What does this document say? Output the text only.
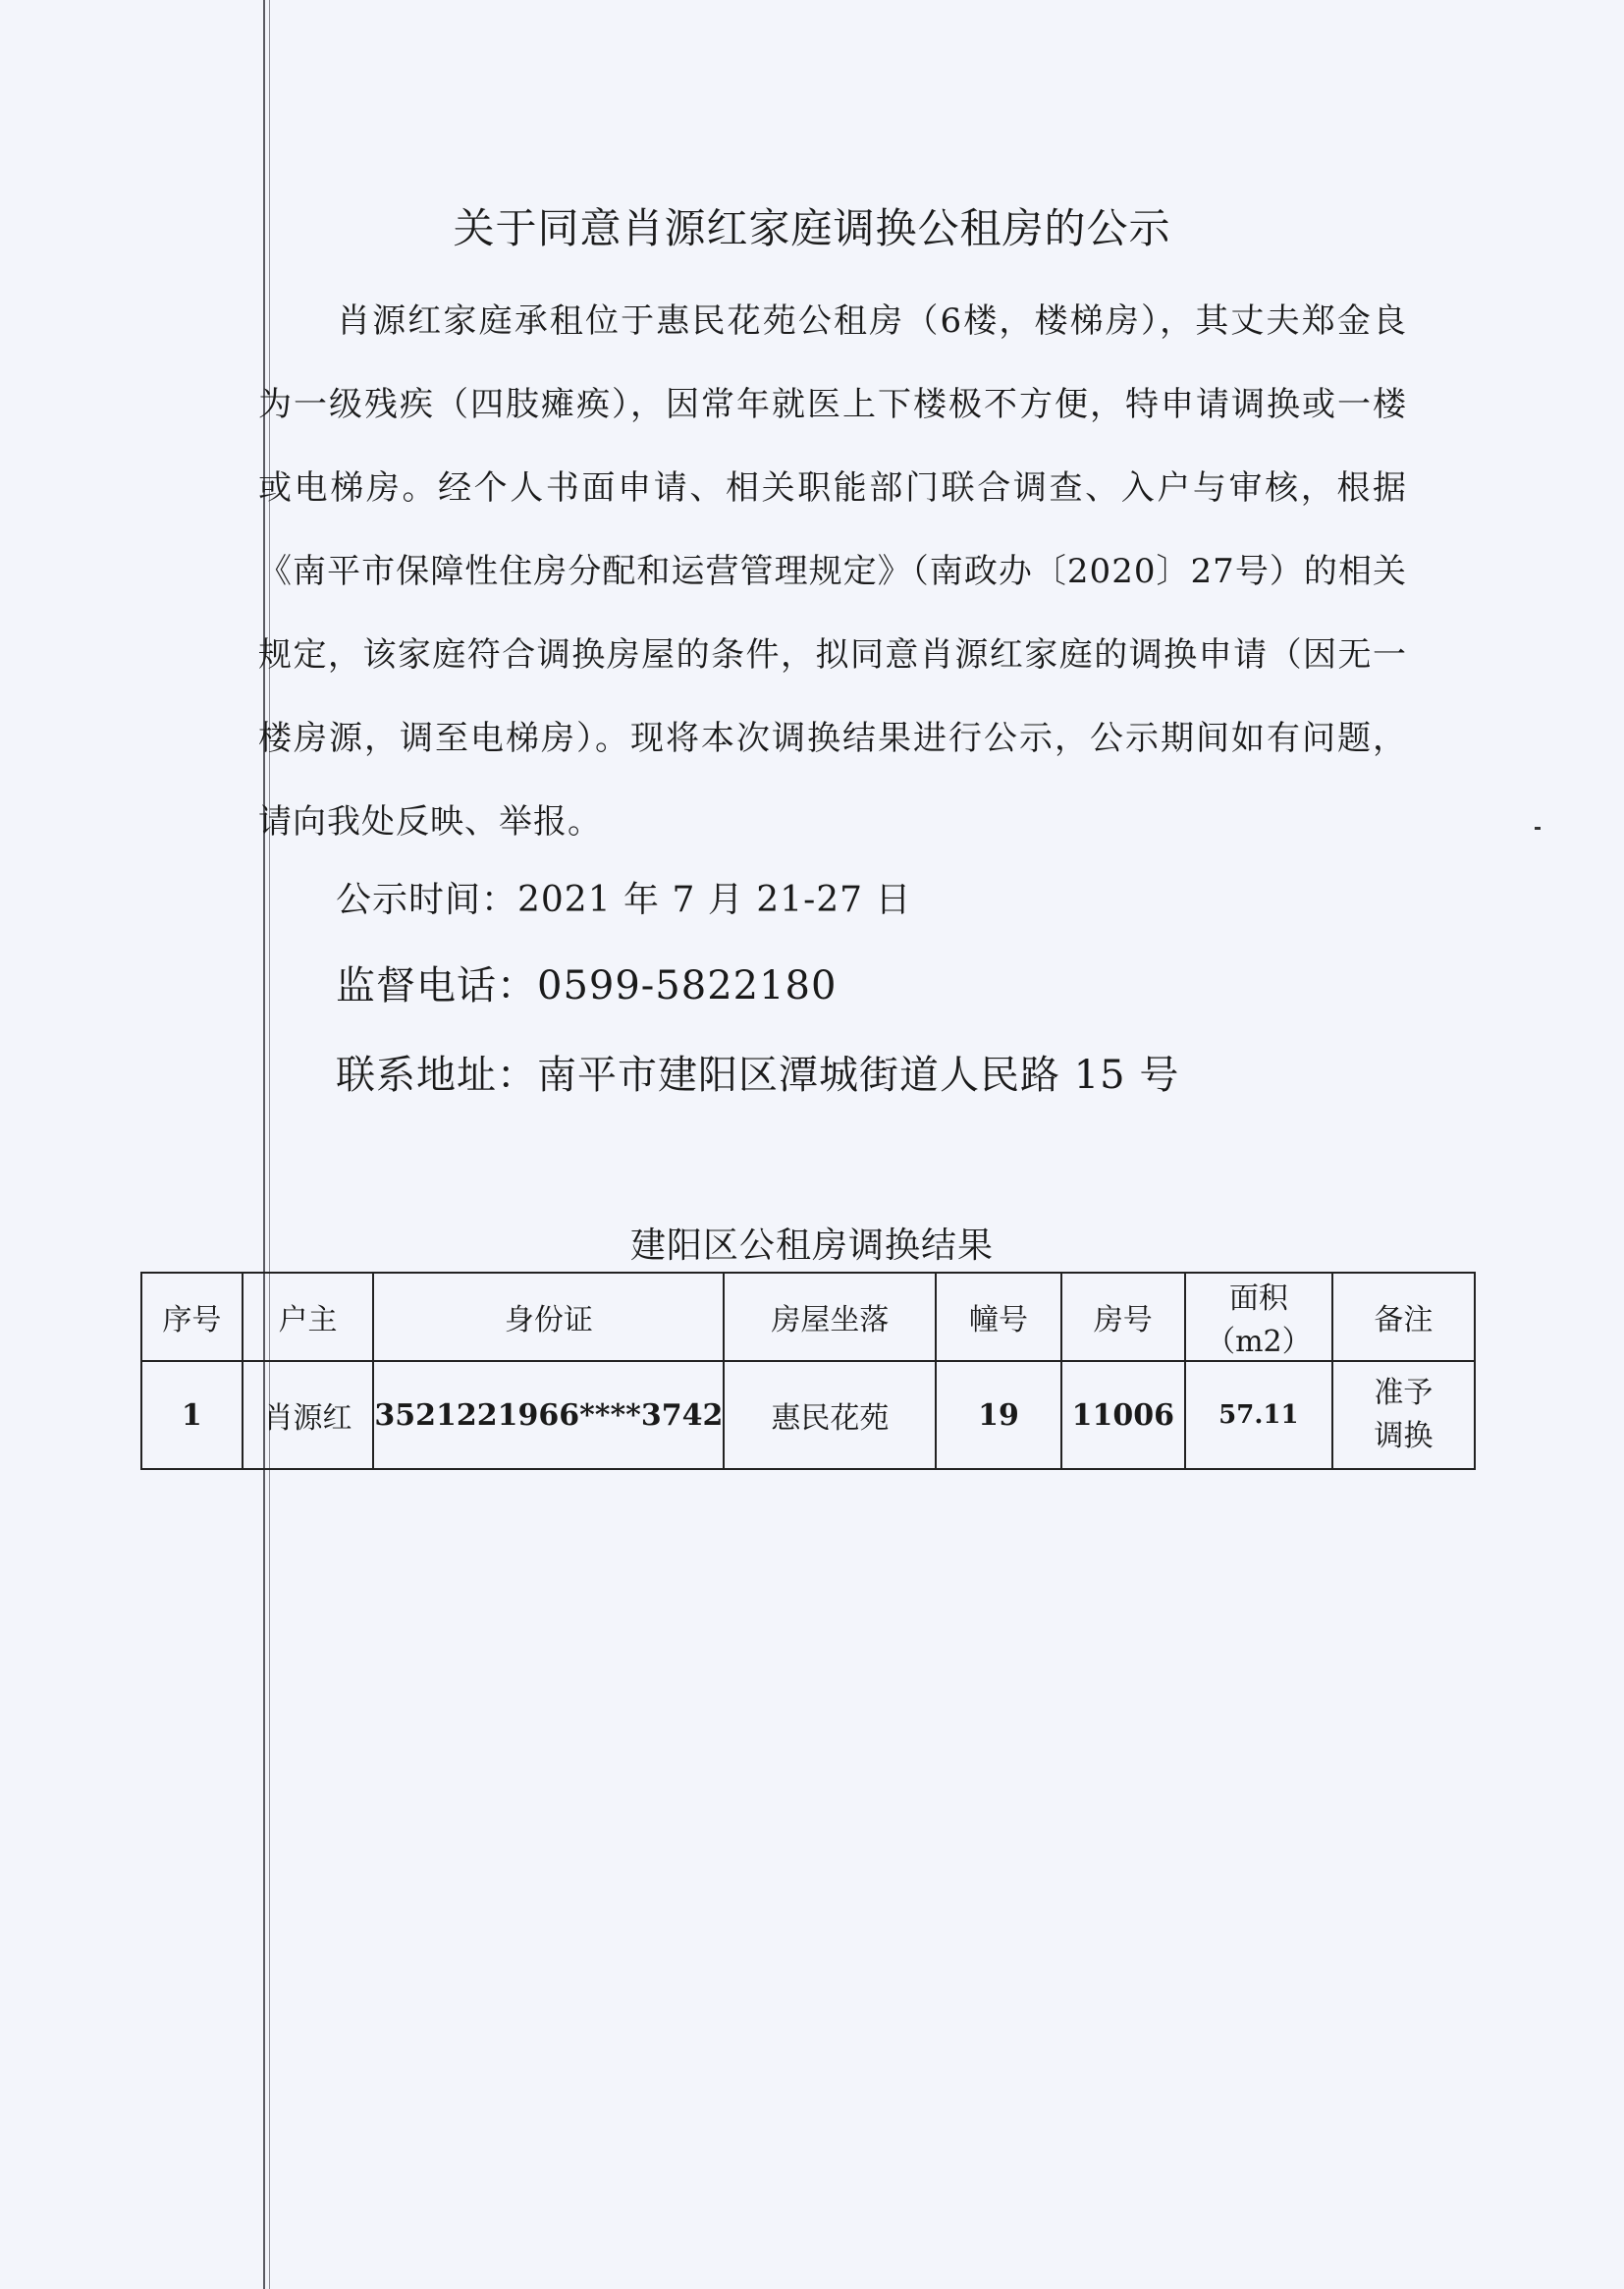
关于同意肖源红家庭调换公租房的公示
肖源红家庭承租位于惠民花苑公租房（6楼，楼梯房），其丈夫郑金良为一级残疾（四肢瘫痪），因常年就医上下楼极不方便，特申请调换或一楼或电梯房。经个人书面申请、相关职能部门联合调查、入户与审核，根据《南平市保障性住房分配和运营管理规定》（南政办〔2020〕27号）的相关规定，该家庭符合调换房屋的条件，拟同意肖源红家庭的调换申请（因无一楼房源，调至电梯房）。现将本次调换结果进行公示，公示期间如有问题，请向我处反映、举报。
公示时间：2021 年 7 月 21-27 日
监督电话：0599-5822180
联系地址：南平市建阳区潭城街道人民路 15 号
建阳区公租房调换结果
序号	户主	身份证	房屋坐落	幢号	房号	面积（m2）	备注
1	肖源红	3521221966****3742	惠民花苑	19	11006	57.11	准予调换
